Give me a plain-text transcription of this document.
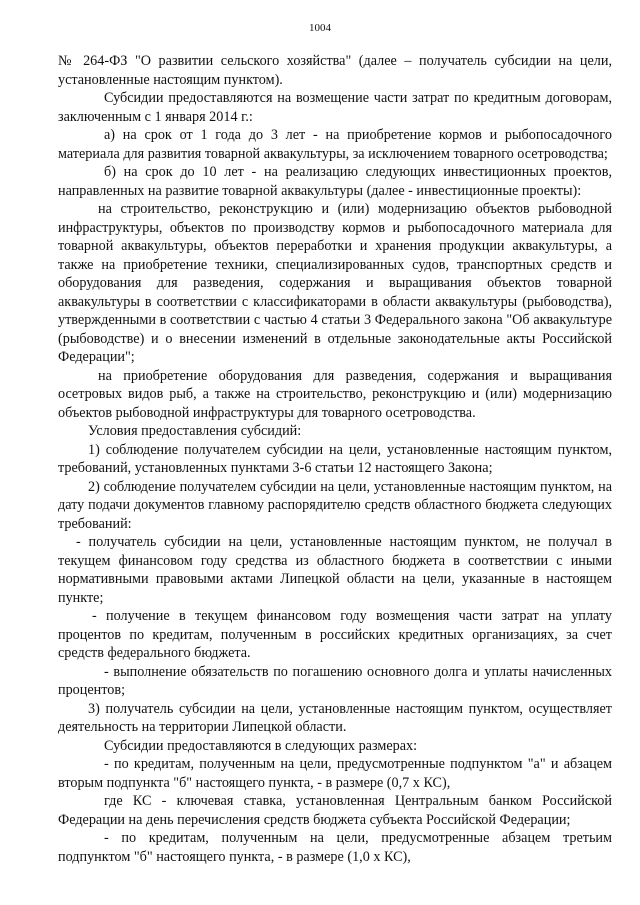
1004

№ 264-ФЗ "О развитии сельского хозяйства" (далее – получатель субсидии на цели, установленные настоящим пунктом).

Субсидии предоставляются на возмещение части затрат по кредитным договорам, заключенным с 1 января 2014 г.:

а) на срок от 1 года до 3 лет - на приобретение кормов и рыбопосадочного материала для развития товарной аквакультуры, за исключением товарного осетроводства;

б) на срок до 10 лет - на реализацию следующих инвестиционных проектов, направленных на развитие товарной аквакультуры (далее - инвестиционные проекты):

на строительство, реконструкцию и (или) модернизацию объектов рыбоводной инфраструктуры, объектов по производству кормов и рыбопосадочного материала для товарной аквакультуры, объектов переработки и хранения продукции аквакультуры, а также на приобретение техники, специализированных судов, транспортных средств и оборудования для разведения, содержания и выращивания объектов товарной аквакультуры в соответствии с классификаторами в области аквакультуры (рыбоводства), утвержденными в соответствии с частью 4 статьи 3 Федерального закона "Об аквакультуре (рыбоводстве) и о внесении изменений в отдельные законодательные акты Российской Федерации";

на приобретение оборудования для разведения, содержания и выращивания осетровых видов рыб, а также на строительство, реконструкцию и (или) модернизацию объектов рыбоводной инфраструктуры для товарного осетроводства.

Условия предоставления субсидий:

1) соблюдение получателем субсидии на цели, установленные настоящим пунктом, требований, установленных пунктами 3-6 статьи 12 настоящего Закона;

2) соблюдение получателем субсидии на цели, установленные настоящим пунктом, на дату подачи документов главному распорядителю средств областного бюджета следующих требований:

- получатель субсидии на цели, установленные настоящим пунктом, не получал в текущем финансовом году средства из областного бюджета в соответствии с иными нормативными правовыми актами Липецкой области на цели, указанные в настоящем пункте;

- получение в текущем финансовом году возмещения части затрат на уплату процентов по кредитам, полученным в российских кредитных организациях, за счет средств федерального бюджета.

- выполнение обязательств по погашению основного долга и уплаты начисленных процентов;

3) получатель субсидии на цели, установленные настоящим пунктом, осуществляет деятельность на территории Липецкой области.

Субсидии предоставляются в следующих размерах:

- по кредитам, полученным на цели, предусмотренные подпунктом "а" и абзацем вторым подпункта "б" настоящего пункта, - в размере (0,7 х КС),

где КС - ключевая ставка, установленная Центральным банком Российской Федерации на день перечисления средств бюджета субъекта Российской Федерации;

- по кредитам, полученным на цели, предусмотренные абзацем третьим подпунктом "б" настоящего пункта, - в размере (1,0 х КС),
